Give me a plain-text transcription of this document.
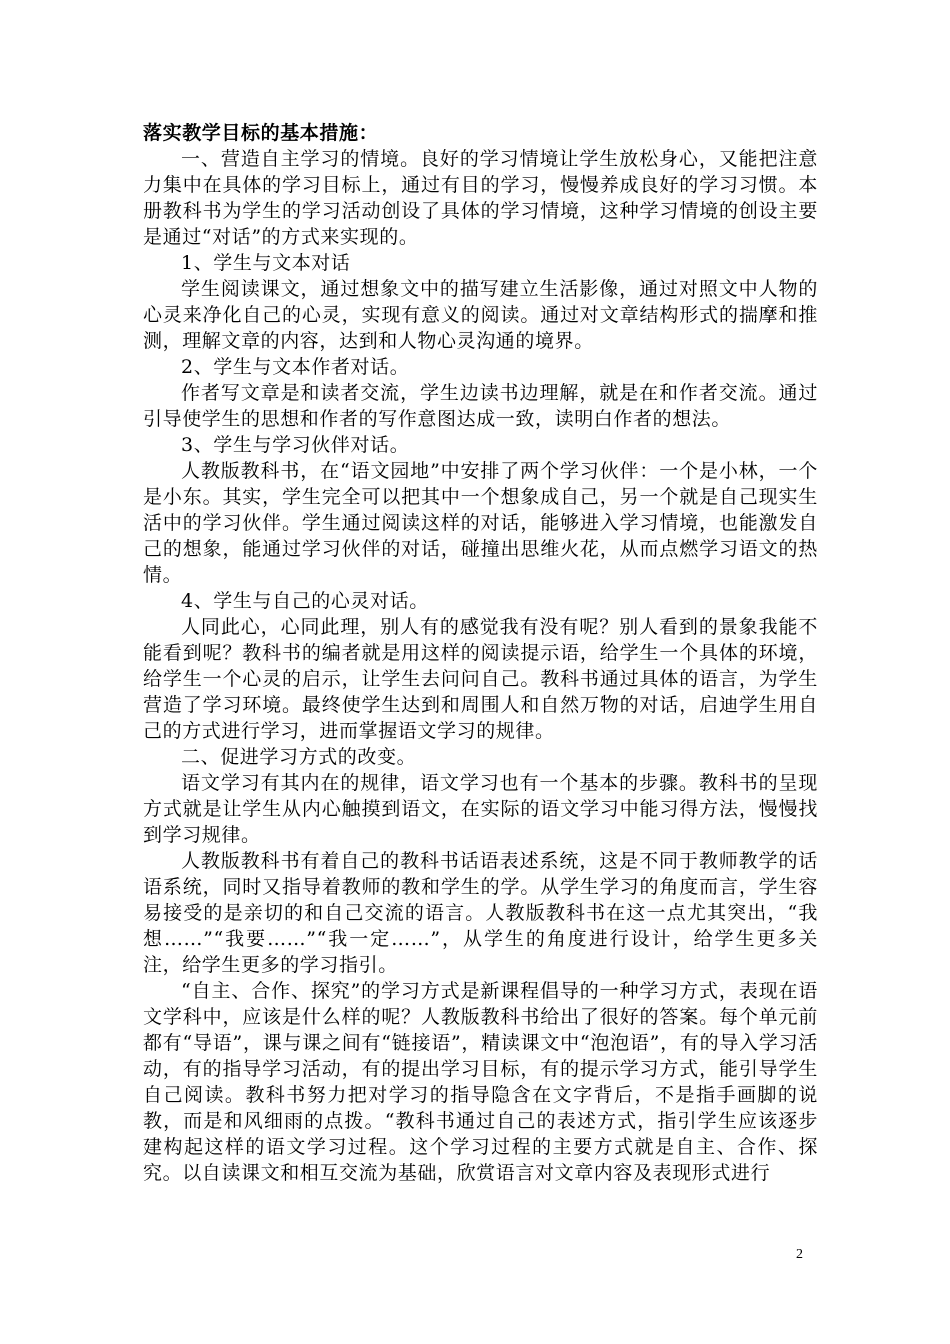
落实教学目标的基本措施：

一、营造自主学习的情境。良好的学习情境让学生放松身心，又能把注意力集中在具体的学习目标上，通过有目的学习，慢慢养成良好的学习习惯。本册教科书为学生的学习活动创设了具体的学习情境，这种学习情境的创设主要是通过“对话”的方式来实现的。

1、学生与文本对话

学生阅读课文，通过想象文中的描写建立生活影像，通过对照文中人物的心灵来净化自己的心灵，实现有意义的阅读。通过对文章结构形式的揣摩和推测，理解文章的内容，达到和人物心灵沟通的境界。

2、学生与文本作者对话。

作者写文章是和读者交流，学生边读书边理解，就是在和作者交流。通过引导使学生的思想和作者的写作意图达成一致，读明白作者的想法。

3、学生与学习伙伴对话。

人教版教科书，在“语文园地”中安排了两个学习伙伴：一个是小林，一个是小东。其实，学生完全可以把其中一个想象成自己，另一个就是自己现实生活中的学习伙伴。学生通过阅读这样的对话，能够进入学习情境，也能激发自己的想象，能通过学习伙伴的对话，碰撞出思维火花，从而点燃学习语文的热情。

4、学生与自己的心灵对话。

人同此心，心同此理，别人有的感觉我有没有呢？别人看到的景象我能不能看到呢？教科书的编者就是用这样的阅读提示语，给学生一个具体的环境，给学生一个心灵的启示，让学生去问问自己。教科书通过具体的语言，为学生营造了学习环境。最终使学生达到和周围人和自然万物的对话，启迪学生用自己的方式进行学习，进而掌握语文学习的规律。

二、促进学习方式的改变。

语文学习有其内在的规律，语文学习也有一个基本的步骤。教科书的呈现方式就是让学生从内心触摸到语文，在实际的语文学习中能习得方法，慢慢找到学习规律。

人教版教科书有着自己的教科书话语表述系统，这是不同于教师教学的话语系统，同时又指导着教师的教和学生的学。从学生学习的角度而言，学生容易接受的是亲切的和自己交流的语言。人教版教科书在这一点尤其突出，“我想……”“我要……”“我一定……”，从学生的角度进行设计，给学生更多关注，给学生更多的学习指引。

“自主、合作、探究”的学习方式是新课程倡导的一种学习方式，表现在语文学科中，应该是什么样的呢？人教版教科书给出了很好的答案。每个单元前都有“导语”，课与课之间有“链接语”，精读课文中“泡泡语”，有的导入学习活动，有的指导学习活动，有的提出学习目标，有的提示学习方式，能引导学生自己阅读。教科书努力把对学习的指导隐含在文字背后，不是指手画脚的说教，而是和风细雨的点拨。“教科书通过自己的表述方式，指引学生应该逐步建构起这样的语文学习过程。这个学习过程的主要方式就是自主、合作、探究。以自读课文和相互交流为基础，欣赏语言对文章内容及表现形式进行

2
